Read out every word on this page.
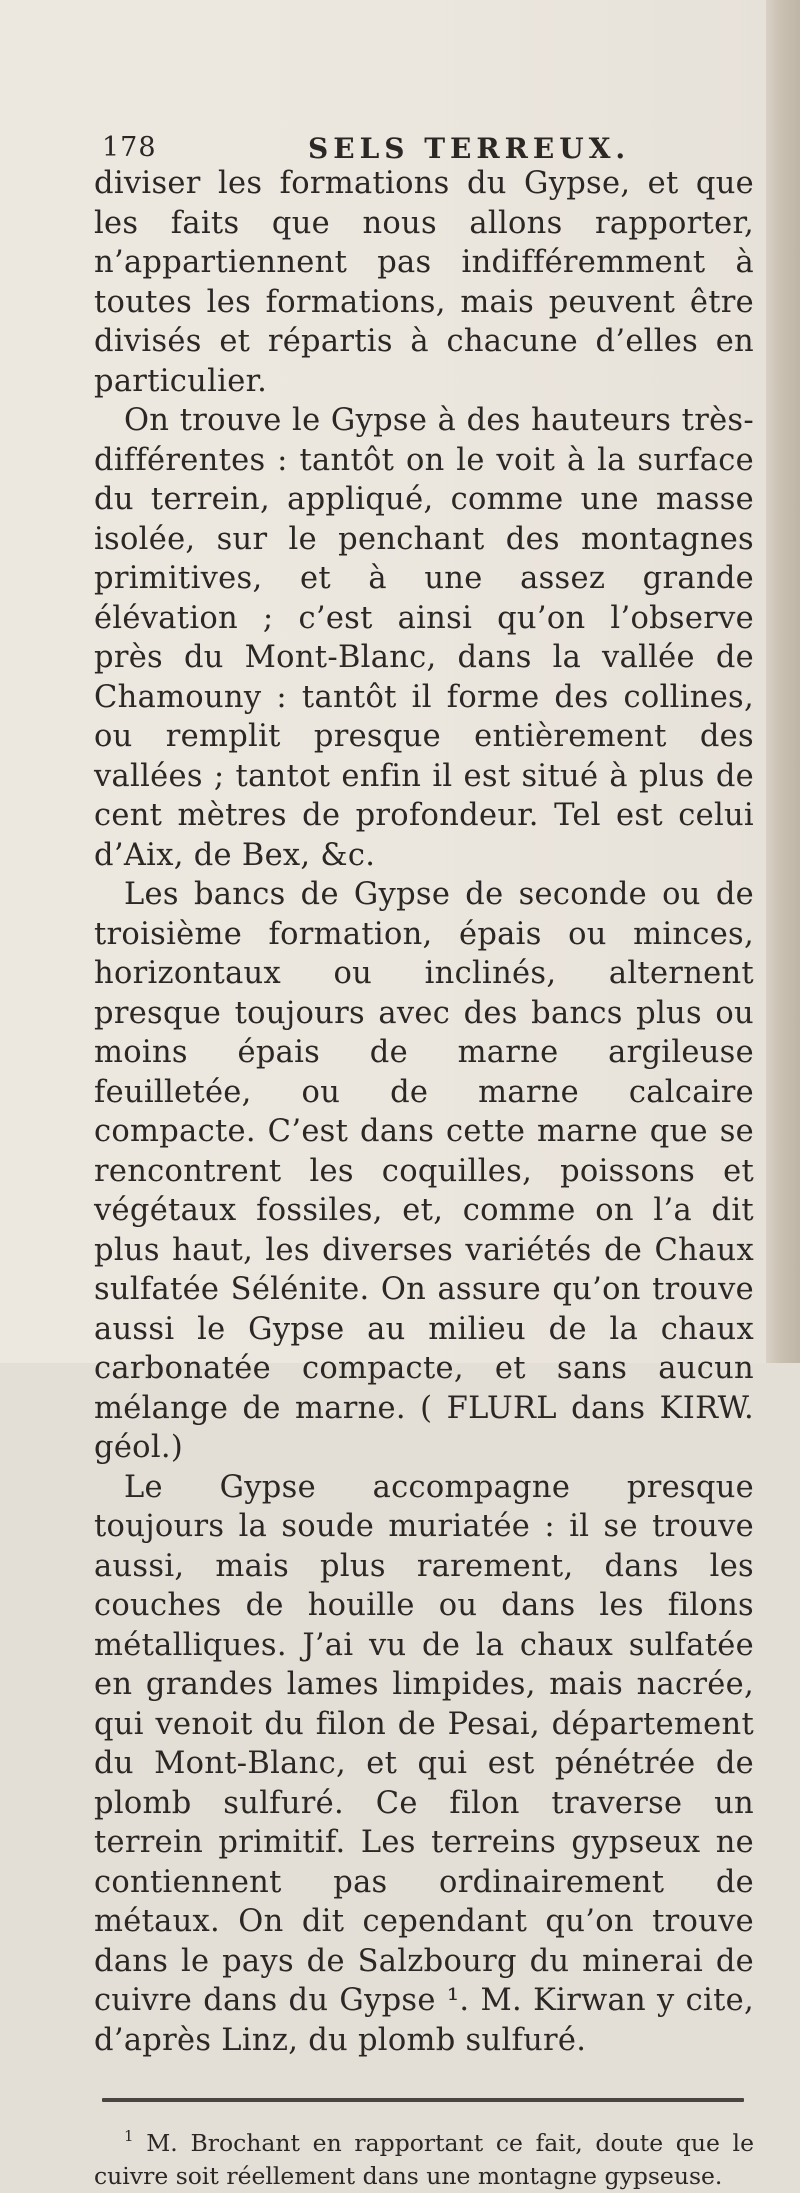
178	SELS TERREUX.

diviser les formations du Gypse, et que les faits que nous allons rapporter, n’appartiennent pas indifféremment à toutes les formations, mais peuvent être divisés et répartis à chacune d’elles en particulier.

On trouve le Gypse à des hauteurs très-différentes : tantôt on le voit à la surface du terrein, appliqué, comme une masse isolée, sur le penchant des montagnes primitives, et à une assez grande élévation ; c’est ainsi qu’on l’observe près du Mont-Blanc, dans la vallée de Chamouny : tantôt il forme des collines, ou remplit presque entièrement des vallées ; tantot enfin il est situé à plus de cent mètres de profondeur. Tel est celui d’Aix, de Bex, &c.

Les bancs de Gypse de seconde ou de troisième formation, épais ou minces, horizontaux ou inclinés, alternent presque toujours avec des bancs plus ou moins épais de marne argileuse feuilletée, ou de marne calcaire compacte. C’est dans cette marne que se rencontrent les coquilles, poissons et végétaux fossiles, et, comme on l’a dit plus haut, les diverses variétés de Chaux sulfatée Sélénite. On assure qu’on trouve aussi le Gypse au milieu de la chaux carbonatée compacte, et sans aucun mélange de marne. ( FLURL dans KIRW. géol.)

Le Gypse accompagne presque toujours la soude muriatée : il se trouve aussi, mais plus rarement, dans les couches de houille ou dans les filons métalliques. J’ai vu de la chaux sulfatée en grandes lames limpides, mais nacrée, qui venoit du filon de Pesai, département du Mont-Blanc, et qui est pénétrée de plomb sulfuré. Ce filon traverse un terrein primitif. Les terreins gypseux ne contiennent pas ordinairement de métaux. On dit cependant qu’on trouve dans le pays de Salzbourg du minerai de cuivre dans du Gypse ¹. M. Kirwan y cite, d’après Linz, du plomb sulfuré.

$^1$ M. Brochant en rapportant ce fait, doute que le cuivre soit réellement dans une montagne gypseuse.
